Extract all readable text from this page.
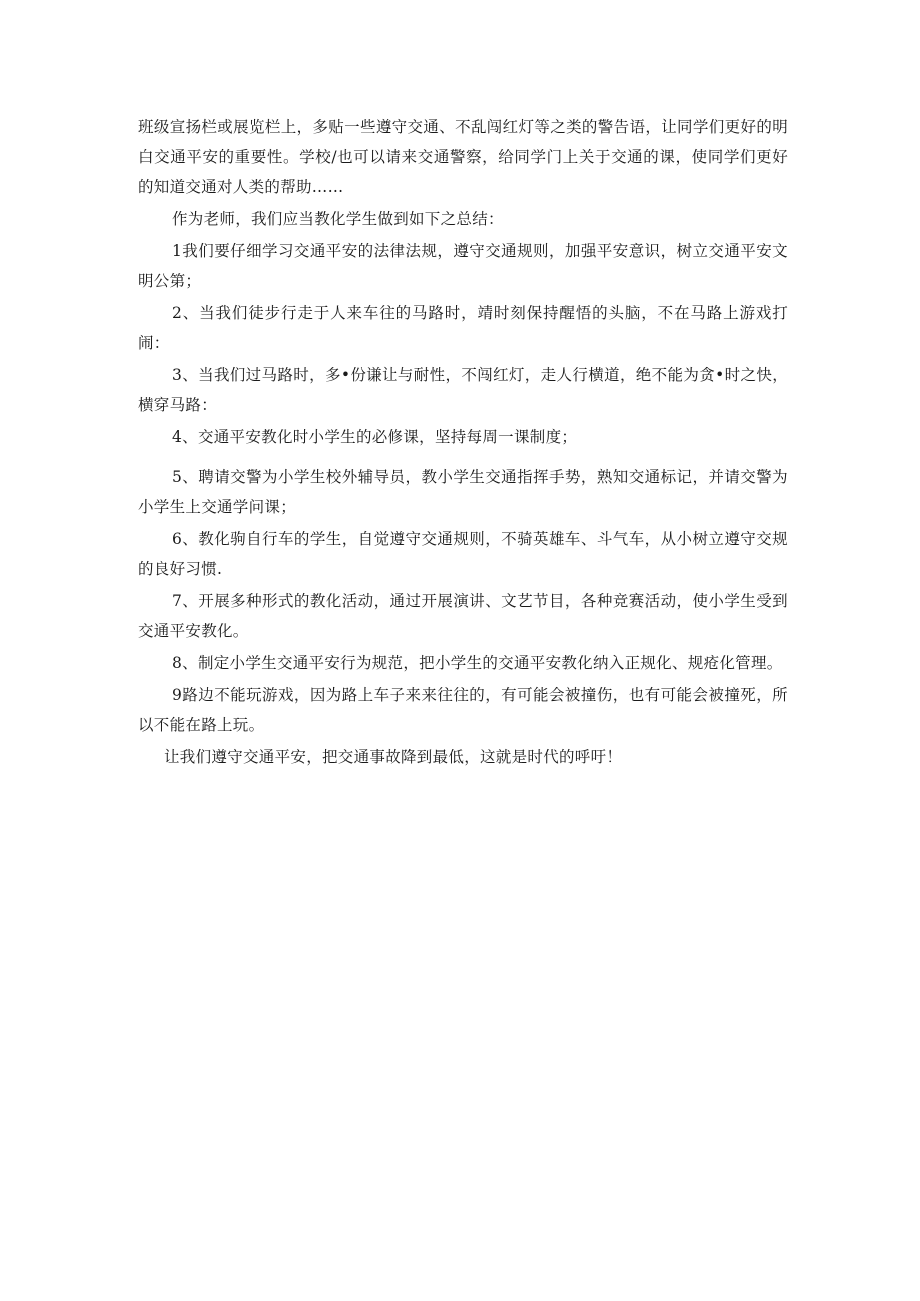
班级宣扬栏或展览栏上，多贴一些遵守交通、不乱闯红灯等之类的警告语，让同学们更好的明白交通平安的重要性。学校/也可以请来交通警察，给同学门上关于交通的课，使同学们更好的知道交通对人类的帮助……

作为老师，我们应当教化学生做到如下之总结：

1我们要仔细学习交通平安的法律法规，遵守交通规则，加强平安意识，树立交通平安文明公第；

2、当我们徒步行走于人来车往的马路时，靖时刻保持醒悟的头脑，不在马路上游戏打闹：

3、当我们过马路时，多•份谦让与耐性，不闯红灯，走人行横道，绝不能为贪•时之快，横穿马路：

4、交通平安教化时小学生的必修课，坚持每周一课制度；

5、聘请交警为小学生校外辅导员，教小学生交通指挥手势，熟知交通标记，并请交警为小学生上交通学问课；

6、教化驹自行车的学生，自觉遵守交通规则，不骑英雄车、斗气车，从小树立遵守交规的良好习惯.

7、开展多种形式的教化活动，通过开展演讲、文艺节目，各种竞赛活动，使小学生受到交通平安教化。

8、制定小学生交通平安行为规范，把小学生的交通平安教化纳入正规化、规疮化管理。

9路边不能玩游戏，因为路上车子来来往往的，有可能会被撞伤，也有可能会被撞死，所以不能在路上玩。

让我们遵守交通平安，把交通事故降到最低，这就是时代的呼吁！
